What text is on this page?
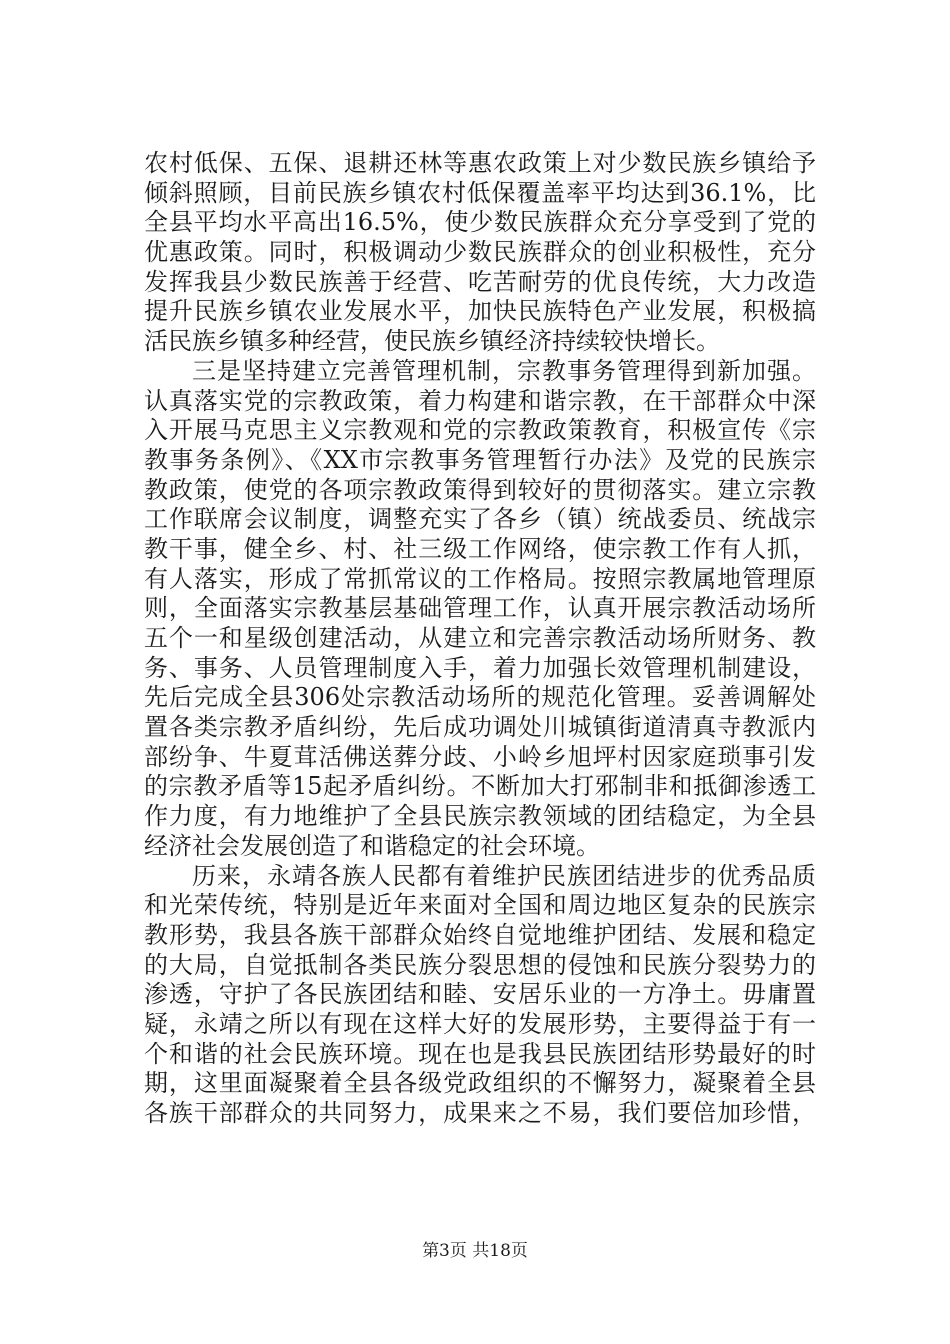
农村低保、五保、退耕还林等惠农政策上对少数民族乡镇给予
倾斜照顾，目前民族乡镇农村低保覆盖率平均达到36.1%，比
全县平均水平高出16.5%，使少数民族群众充分享受到了党的
优惠政策。同时，积极调动少数民族群众的创业积极性，充分
发挥我县少数民族善于经营、吃苦耐劳的优良传统，大力改造
提升民族乡镇农业发展水平，加快民族特色产业发展，积极搞
活民族乡镇多种经营，使民族乡镇经济持续较快增长。
三是坚持建立完善管理机制，宗教事务管理得到新加强。
认真落实党的宗教政策，着力构建和谐宗教，在干部群众中深
入开展马克思主义宗教观和党的宗教政策教育，积极宣传《宗
教事务条例》、《XX市宗教事务管理暂行办法》及党的民族宗
教政策，使党的各项宗教政策得到较好的贯彻落实。建立宗教
工作联席会议制度，调整充实了各乡（镇）统战委员、统战宗
教干事，健全乡、村、社三级工作网络，使宗教工作有人抓，
有人落实，形成了常抓常议的工作格局。按照宗教属地管理原
则，全面落实宗教基层基础管理工作，认真开展宗教活动场所
五个一和星级创建活动，从建立和完善宗教活动场所财务、教
务、事务、人员管理制度入手，着力加强长效管理机制建设，
先后完成全县306处宗教活动场所的规范化管理。妥善调解处
置各类宗教矛盾纠纷，先后成功调处川城镇街道清真寺教派内
部纷争、牛夏茸活佛送葬分歧、小岭乡旭坪村因家庭琐事引发
的宗教矛盾等15起矛盾纠纷。不断加大打邪制非和抵御渗透工
作力度，有力地维护了全县民族宗教领域的团结稳定，为全县
经济社会发展创造了和谐稳定的社会环境。
历来，永靖各族人民都有着维护民族团结进步的优秀品质
和光荣传统，特别是近年来面对全国和周边地区复杂的民族宗
教形势，我县各族干部群众始终自觉地维护团结、发展和稳定
的大局，自觉抵制各类民族分裂思想的侵蚀和民族分裂势力的
渗透，守护了各民族团结和睦、安居乐业的一方净土。毋庸置
疑，永靖之所以有现在这样大好的发展形势，主要得益于有一
个和谐的社会民族环境。现在也是我县民族团结形势最好的时
期，这里面凝聚着全县各级党政组织的不懈努力，凝聚着全县
各族干部群众的共同努力，成果来之不易，我们要倍加珍惜，
第3页 共18页
